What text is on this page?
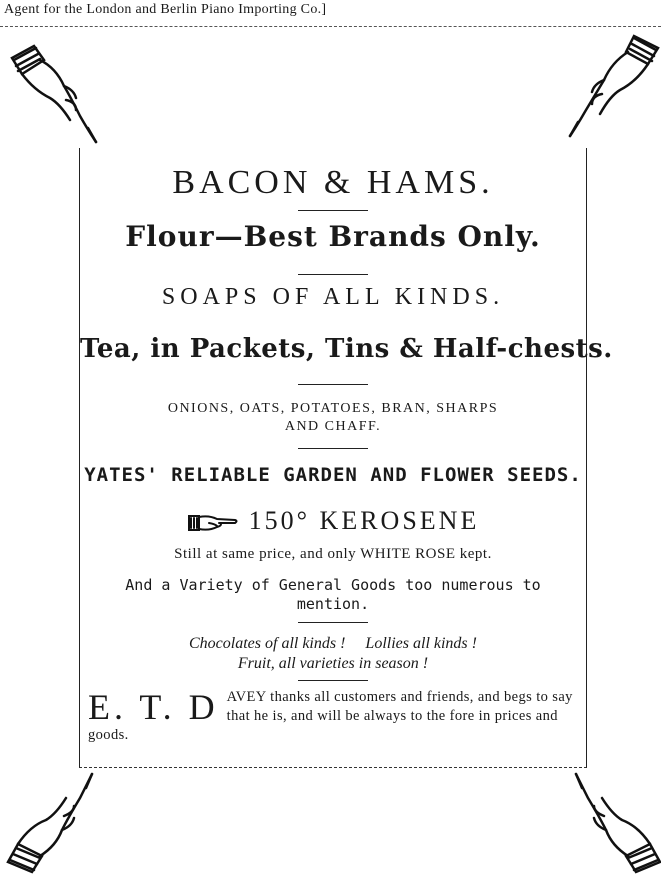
Agent for the London and Berlin Piano Importing Co.]
BACON & HAMS.
Flour—Best Brands Only.
SOAPS OF ALL KINDS.
Tea, in Packets, Tins & Half-chests.
ONIONS, OATS, POTATOES, BRAN, SHARPS
AND CHAFF.
YATES' RELIABLE GARDEN AND FLOWER SEEDS.
150° KEROSENE
Still at same price, and only WHITE ROSE kept.
And a Variety of General Goods too numerous to
mention.
Chocolates of all kinds !     Lollies all kinds !
Fruit, all varieties in season !
E. T. D AVEY thanks all customers and friends, and begs to say that he is, and will be always to the fore in prices and goods.
